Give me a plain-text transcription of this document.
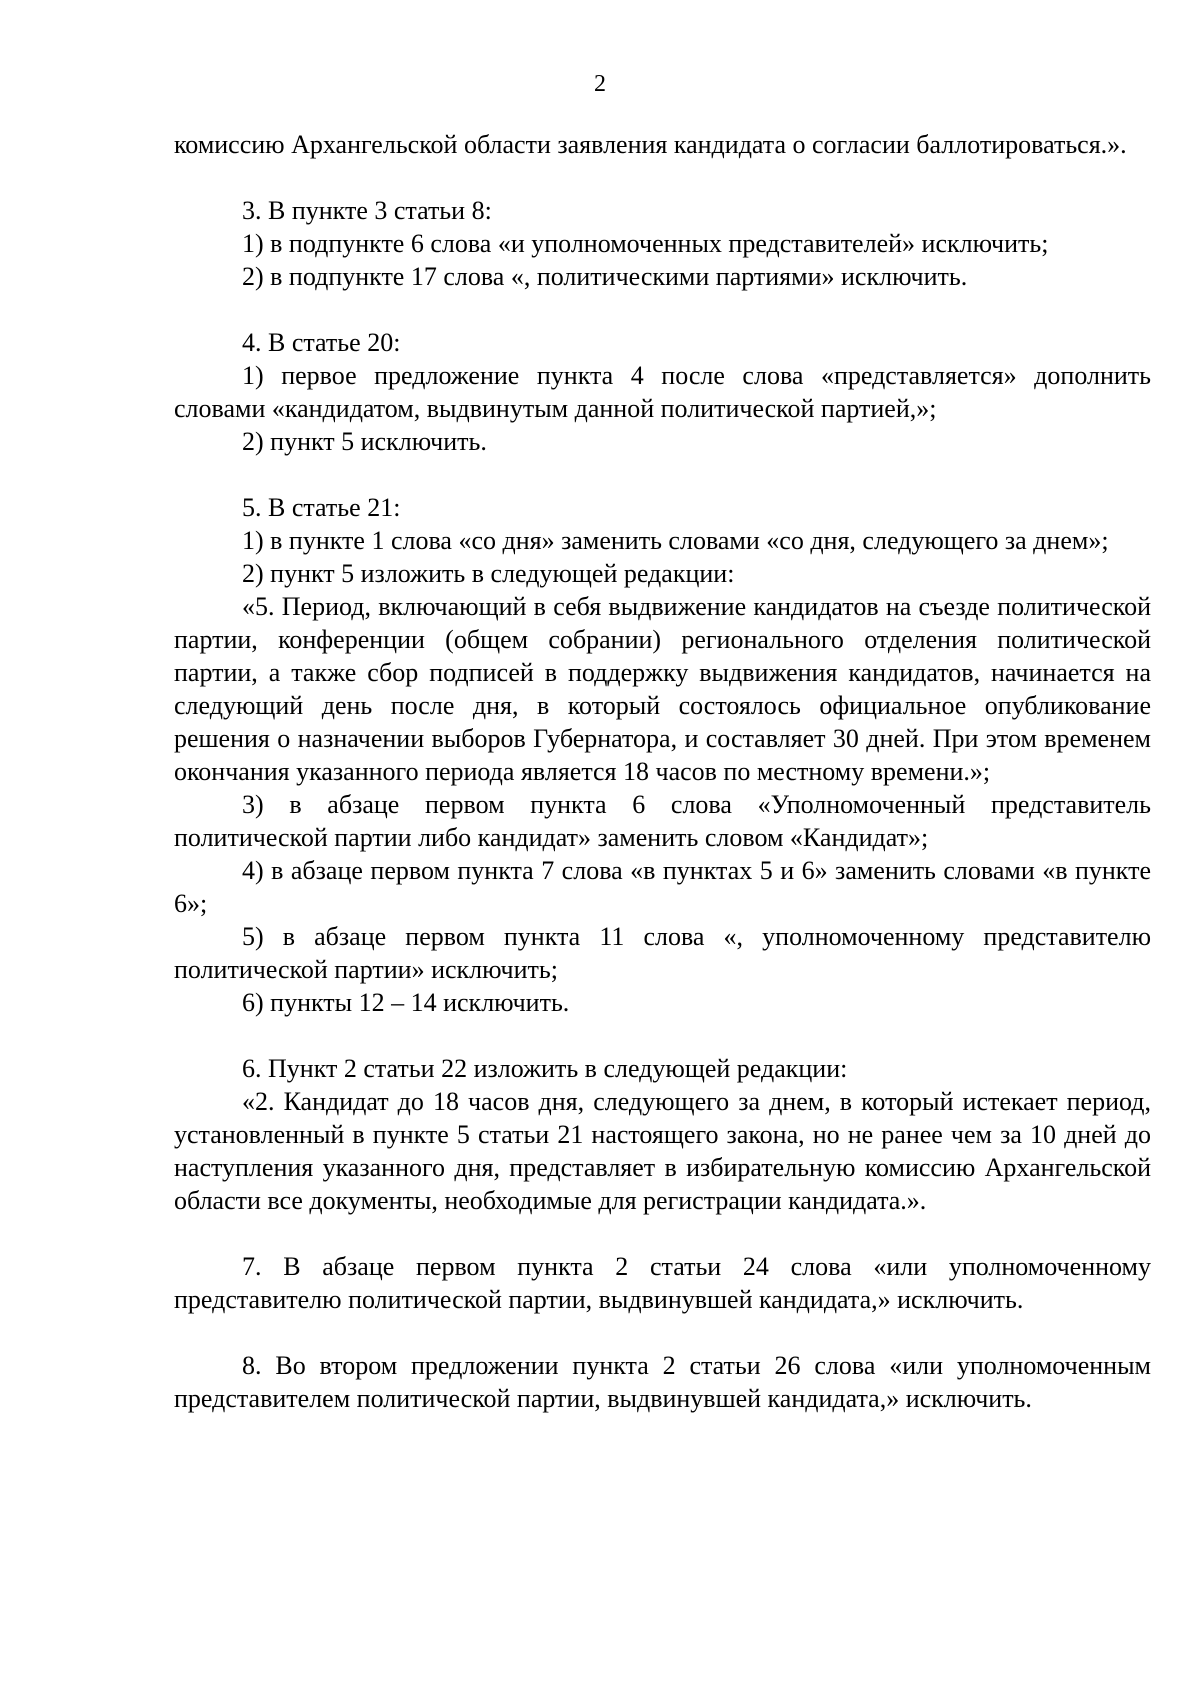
2

комиссию Архангельской области заявления кандидата о согласии баллотироваться.».

3. В пункте 3 статьи 8:

1) в подпункте 6 слова «и уполномоченных представителей» исключить;

2) в подпункте 17 слова «, политическими партиями» исключить.

4. В статье 20:

1) первое предложение пункта 4 после слова «представляется» дополнить словами «кандидатом, выдвинутым данной политической партией,»;

2) пункт 5 исключить.

5. В статье 21:

1) в пункте 1 слова «со дня» заменить словами «со дня, следующего за днем»;

2) пункт 5 изложить в следующей редакции:

«5. Период, включающий в себя выдвижение кандидатов на съезде политической партии, конференции (общем собрании) регионального отделения политической партии, а также сбор подписей в поддержку выдвижения кандидатов, начинается на следующий день после дня, в который состоялось официальное опубликование решения о назначении выборов Губернатора, и составляет 30 дней. При этом временем окончания указанного периода является 18 часов по местному времени.»;

3) в абзаце первом пункта 6 слова «Уполномоченный представитель политической партии либо кандидат» заменить словом «Кандидат»;

4) в абзаце первом пункта 7 слова «в пунктах 5 и 6» заменить словами «в пункте 6»;

5) в абзаце первом пункта 11 слова «, уполномоченному представителю политической партии» исключить;

6) пункты 12 – 14 исключить.

6. Пункт 2 статьи 22 изложить в следующей редакции:

«2. Кандидат до 18 часов дня, следующего за днем, в который истекает период, установленный в пункте 5 статьи 21 настоящего закона, но не ранее чем за 10 дней до наступления указанного дня, представляет в избирательную комиссию Архангельской области все документы, необходимые для регистрации кандидата.».

7. В абзаце первом пункта 2 статьи 24 слова «или уполномоченному представителю политической партии, выдвинувшей кандидата,» исключить.

8. Во втором предложении пункта 2 статьи 26 слова «или уполномоченным представителем политической партии, выдвинувшей кандидата,» исключить.
